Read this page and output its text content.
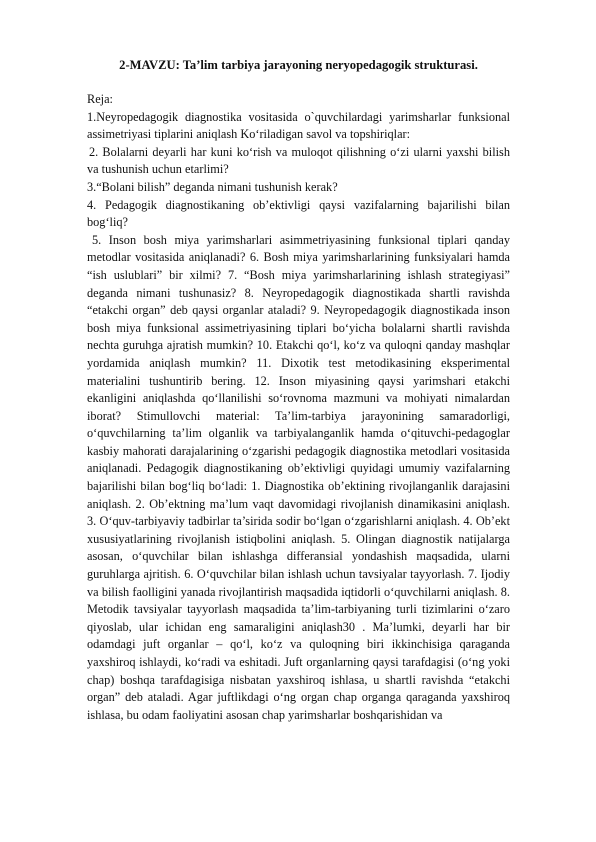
2-MAVZU: Ta’lim tarbiya jarayoning neryopedagogik strukturasi.

Reja:

1.Neyropedagogik diagnostika vositasida o`quvchilardagi yarimsharlar funksional assimetriyasi tiplarini aniqlash Ko‘riladigan savol va topshiriqlar:

2. Bolalarni deyarli har kuni ko‘rish va muloqot qilishning o‘zi ularni yaxshi bilish va tushunish uchun etarlimi?

3.“Bolani bilish” deganda nimani tushunish kerak?

4. Pedagogik diagnostikaning ob’ektivligi qaysi vazifalarning bajarilishi bilan bog‘liq?

5. Inson bosh miya yarimsharlari asimmetriyasining funksional tiplari qanday metodlar vositasida aniqlanadi? 6. Bosh miya yarimsharlarining funksiyalari hamda “ish uslublari” bir xilmi? 7. “Bosh miya yarimsharlarining ishlash strategiyasi” deganda nimani tushunasiz? 8. Neyropedagogik diagnostikada shartli ravishda “etakchi organ” deb qaysi organlar ataladi? 9. Neyropedagogik diagnostikada inson bosh miya funksional assimetriyasining tiplari bo‘yicha bolalarni shartli ravishda nechta guruhga ajratish mumkin? 10. Etakchi qo‘l, ko‘z va quloqni qanday mashqlar yordamida aniqlash mumkin? 11. Dixotik test metodikasining eksperimental materialini tushuntirib bering. 12. Inson miyasining qaysi yarimshari etakchi ekanligini aniqlashda qo‘llanilishi so‘rovnoma mazmuni va mohiyati nimalardan iborat? Stimullovchi material: Ta’lim-tarbiya jarayonining samaradorligi, o‘quvchilarning ta’lim olganlik va tarbiyalanganlik hamda o‘qituvchi-pedagoglar kasbiy mahorati darajalarining o‘zgarishi pedagogik diagnostika metodlari vositasida aniqlanadi. Pedagogik diagnostikaning ob’ektivligi quyidagi umumiy vazifalarning bajarilishi bilan bog‘liq bo‘ladi: 1. Diagnostika ob’ektining rivojlanganlik darajasini aniqlash. 2. Ob’ektning ma’lum vaqt davomidagi rivojlanish dinamikasini aniqlash. 3. O‘quv-tarbiyaviy tadbirlar ta’sirida sodir bo‘lgan o‘zgarishlarni aniqlash. 4. Ob’ekt xususiyatlarining rivojlanish istiqbolini aniqlash. 5. Olingan diagnostik natijalarga asosan, o‘quvchilar bilan ishlashga differansial yondashish maqsadida, ularni guruhlarga ajritish. 6. O‘quvchilar bilan ishlash uchun tavsiyalar tayyorlash. 7. Ijodiy va bilish faolligini yanada rivojlantirish maqsadida iqtidorli o‘quvchilarni aniqlash. 8. Metodik tavsiyalar tayyorlash maqsadida ta’lim-tarbiyaning turli tizimlarini o‘zaro qiyoslab, ular ichidan eng samaraligini aniqlash30 . Ma’lumki, deyarli har bir odamdagi juft organlar – qo‘l, ko‘z va quloqning biri ikkinchisiga qaraganda yaxshiroq ishlaydi, ko‘radi va eshitadi. Juft organlarning qaysi tarafdagisi (o‘ng yoki chap) boshqa tarafdagisiga nisbatan yaxshiroq ishlasa, u shartli ravishda “etakchi organ” deb ataladi. Agar juftlikdagi o‘ng organ chap organga qaraganda yaxshiroq ishlasa, bu odam faoliyatini asosan chap yarimsharlar boshqarishidan va
